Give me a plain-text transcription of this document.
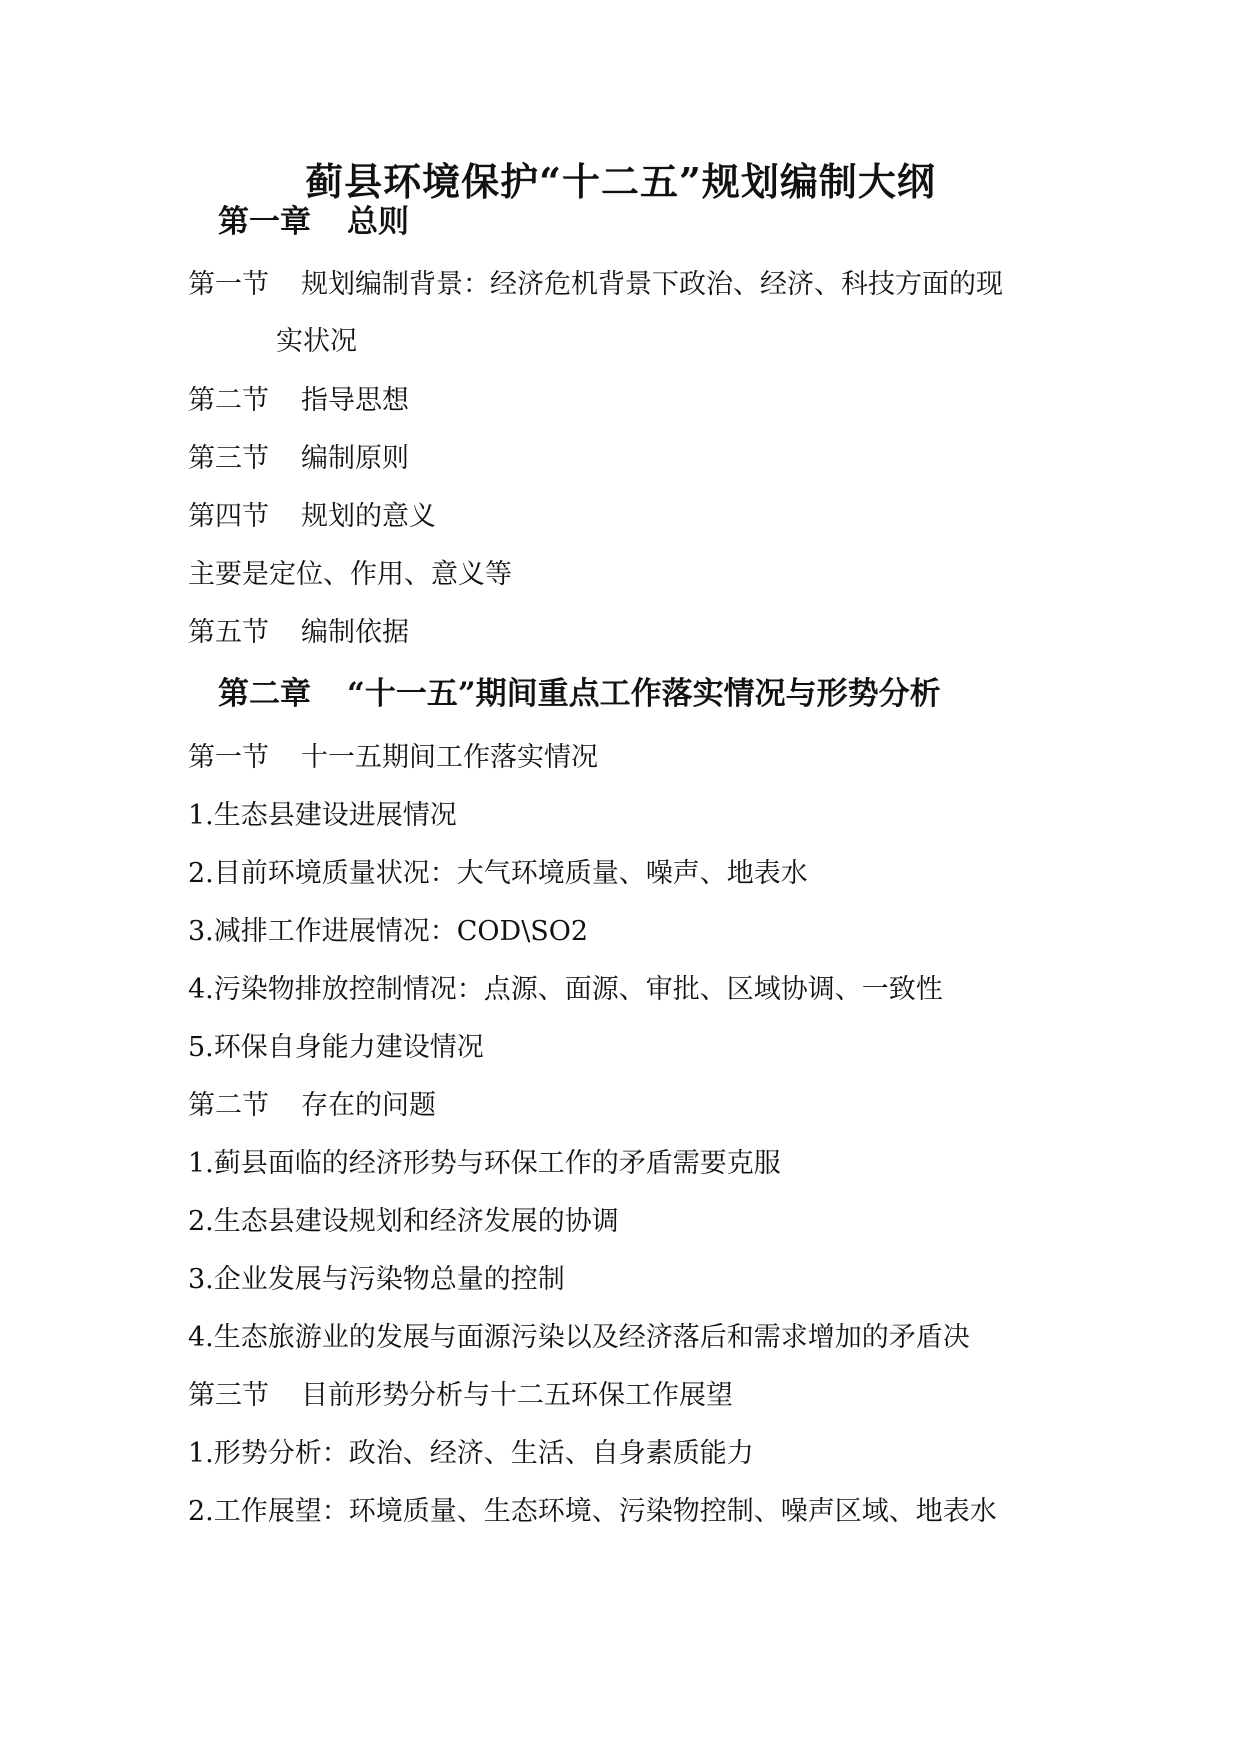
蓟县环境保护“十二五”规划编制大纲
第一章 总则

第一节 规划编制背景：经济危机背景下政治、经济、科技方面的现

实状况

第二节 指导思想

第三节 编制原则

第四节 规划的意义

主要是定位、作用、意义等

第五节 编制依据

第二章 “十一五”期间重点工作落实情况与形势分析

第一节 十一五期间工作落实情况

1.生态县建设进展情况

2.目前环境质量状况：大气环境质量、噪声、地表水

3.减排工作进展情况：COD\SO2

4.污染物排放控制情况：点源、面源、审批、区域协调、一致性

5.环保自身能力建设情况

第二节 存在的问题

1.蓟县面临的经济形势与环保工作的矛盾需要克服

2.生态县建设规划和经济发展的协调

3.企业发展与污染物总量的控制

4.生态旅游业的发展与面源污染以及经济落后和需求增加的矛盾决

第三节 目前形势分析与十二五环保工作展望

1.形势分析：政治、经济、生活、自身素质能力

2.工作展望：环境质量、生态环境、污染物控制、噪声区域、地表水
